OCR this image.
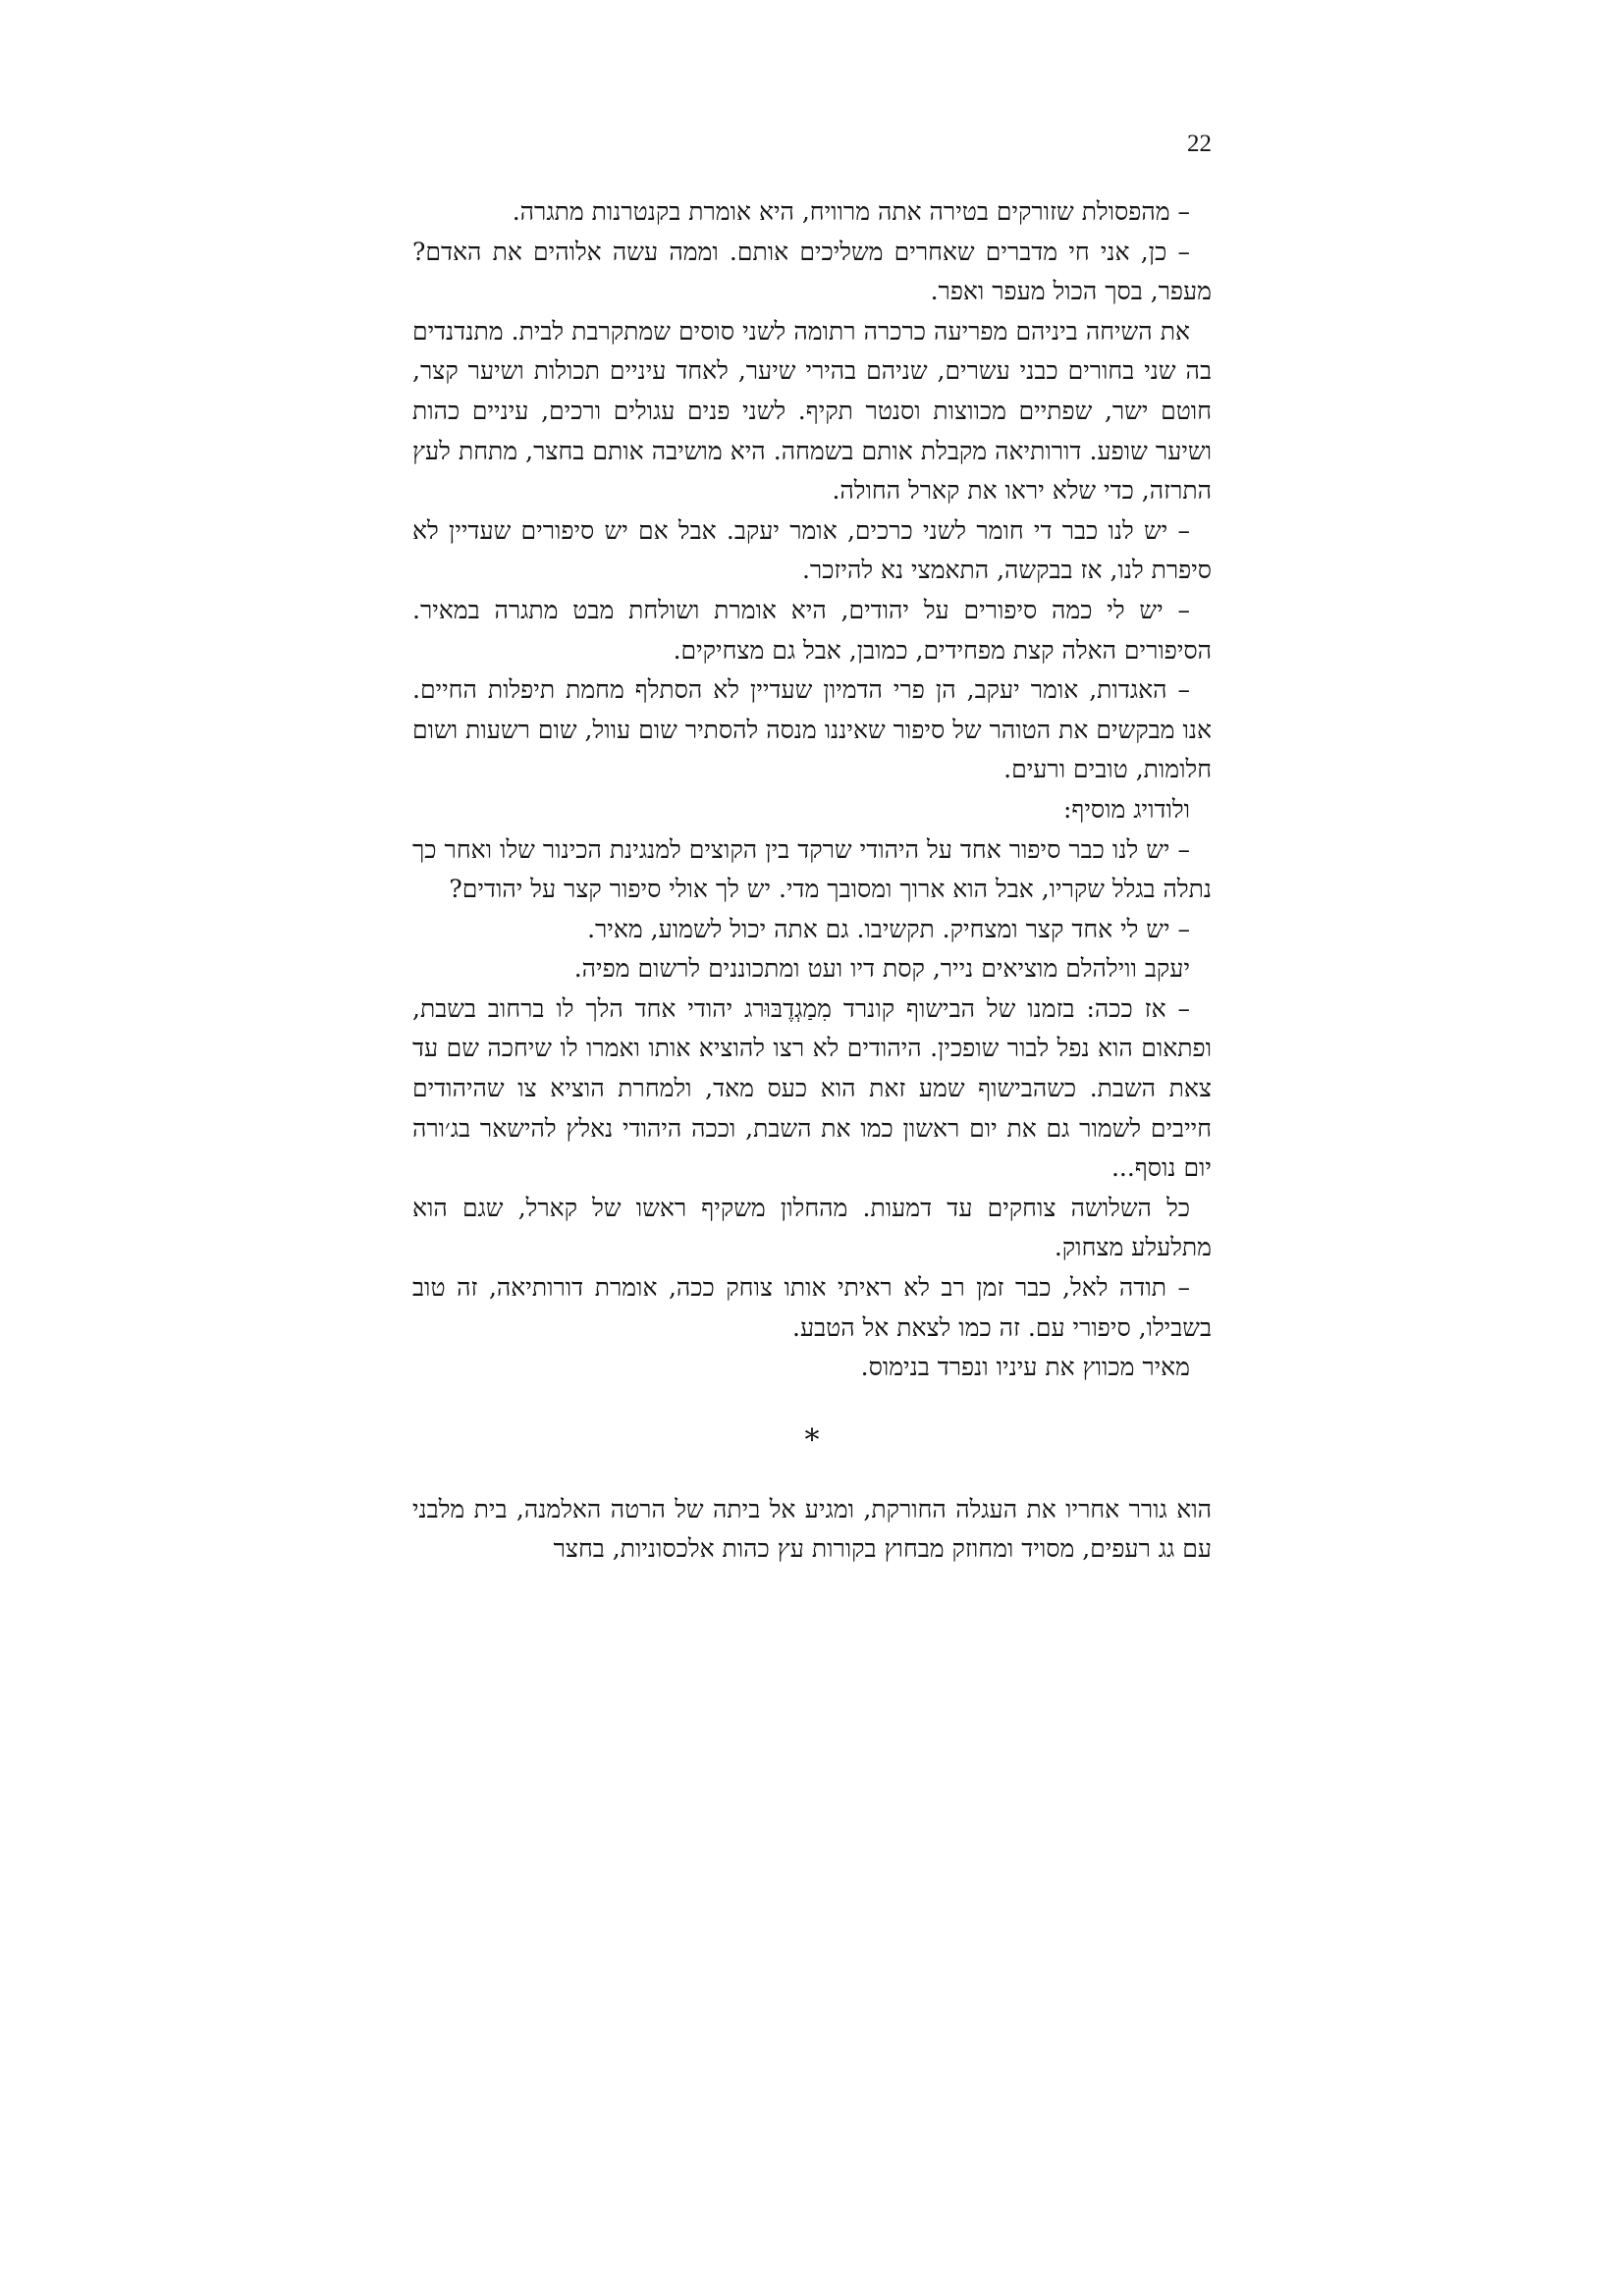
22

– מהפסולת שזורקים בטירה אתה מרוויח, היא אומרת בקנטרנות מתגרה.

– כן, אני חי מדברים שאחרים משליכים אותם. וממה עשה אלוהים את האדם? מעפר, בסך הכול מעפר ואפר.

את השיחה ביניהם מפריעה כרכרה רתומה לשני סוסים שמתקרבת לבית. מתנדנדים בה שני בחורים כבני עשרים, שניהם בהירי שיער, לאחד עיניים תכולות ושיער קצר, חוטם ישר, שפתיים מכווצות וסנטר תקיף. לשני פנים עגולים ורכים, עיניים כהות ושיער שופע. דורותיאה מקבלת אותם בשמחה. היא מושיבה אותם בחצר, מתחת לעץ התרזה, כדי שלא יראו את קארל החולה.

– יש לנו כבר די חומר לשני כרכים, אומר יעקב. אבל אם יש סיפורים שעדיין לא סיפרת לנו, אז בבקשה, התאמצי נא להיזכר.

– יש לי כמה סיפורים על יהודים, היא אומרת ושולחת מבט מתגרה במאיר. הסיפורים האלה קצת מפחידים, כמובן, אבל גם מצחיקים.

– האגדות, אומר יעקב, הן פרי הדמיון שעדיין לא הסתלף מחמת תיפלות החיים. אנו מבקשים את הטוהר של סיפור שאיננו מנסה להסתיר שום עוול, שום רשעות ושום חלומות, טובים ורעים.

ולודויג מוסיף:

– יש לנו כבר סיפור אחד על היהודי שרקד בין הקוצים למנגינת הכינור שלו ואחר כך נתלה בגלל שקריו, אבל הוא ארוך ומסובך מדי. יש לך אולי סיפור קצר על יהודים?

– יש לי אחד קצר ומצחיק. תקשיבו. גם אתה יכול לשמוע, מאיר.

יעקב ווילהלם מוציאים נייר, קסת דיו ועט ומתכוננים לרשום מפיה.

– אז ככה: בזמנו של הבישוף קונרד מִמַגְדֶבּוּרג יהודי אחד הלך לו ברחוב בשבת, ופתאום הוא נפל לבור שופכין. היהודים לא רצו להוציא אותו ואמרו לו שיחכה שם עד צאת השבת. כשהבישוף שמע זאת הוא כעס מאד, ולמחרת הוציא צו שהיהודים חייבים לשמור גם את יום ראשון כמו את השבת, וככה היהודי נאלץ להישאר בג׳ורה יום נוסף...

כל השלושה צוחקים עד דמעות. מהחלון משקיף ראשו של קארל, שגם הוא מתלעלע מצחוק.

– תודה לאל, כבר זמן רב לא ראיתי אותו צוחק ככה, אומרת דורותיאה, זה טוב בשבילו, סיפורי עם. זה כמו לצאת אל הטבע.

מאיר מכווץ את עיניו ונפרד בנימוס.

*

הוא גורר אחריו את העגלה החורקת, ומגיע אל ביתה של הרטה האלמנה, בית מלבני עם גג רעפים, מסויד ומחוזק מבחוץ בקורות עץ כהות אלכסוניות, בחצר
